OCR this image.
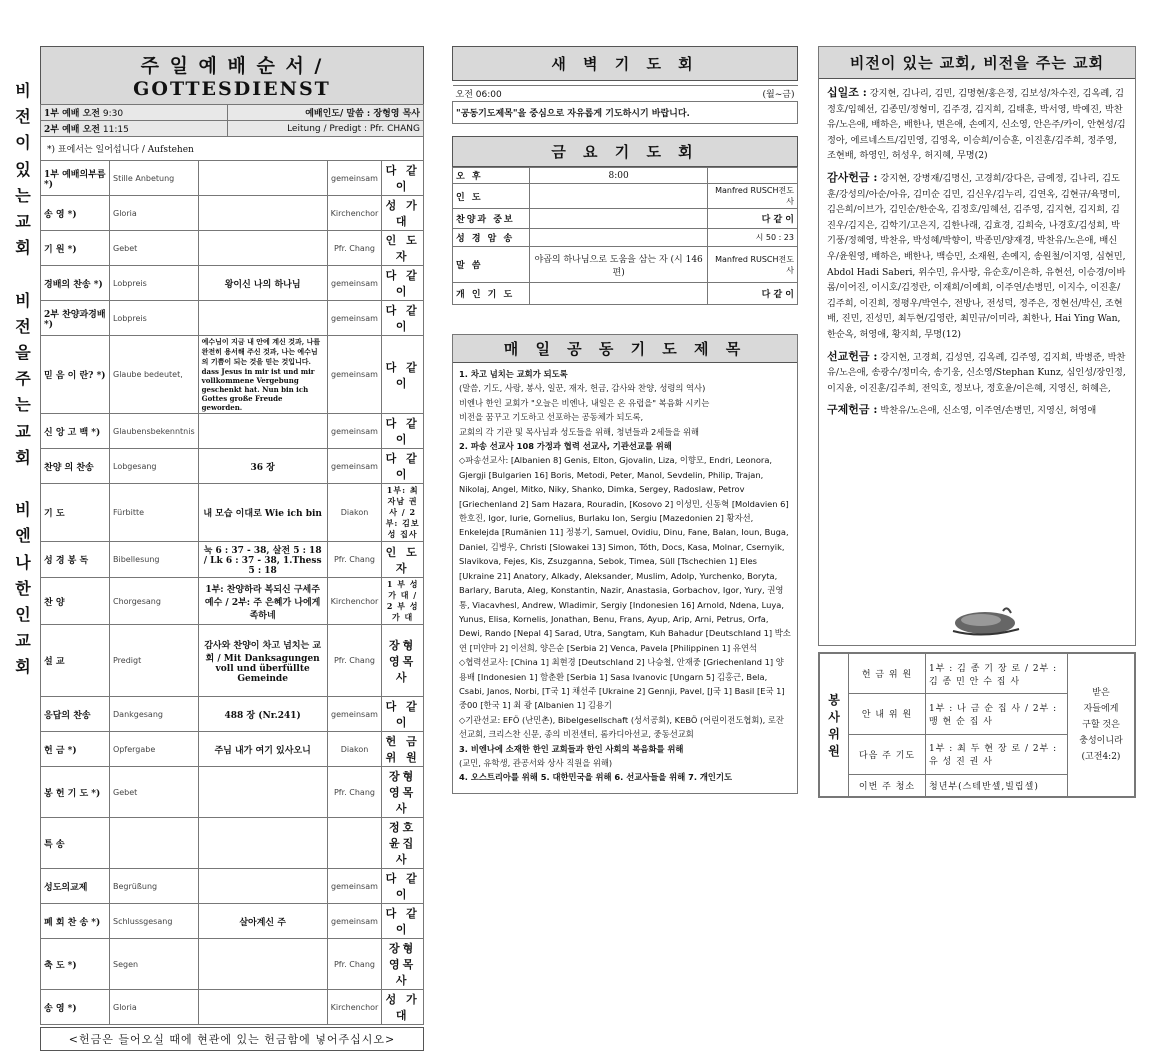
비
전
이
있
는
교
회

비
전
을
주
는
교
회

비
엔
나
한
인
교
회
주 일 예 배 순 서 / GOTTESDIENST
1부 예배 오전 9:30	예배인도/ 말씀 : 장형영 목사
2부 예배 오전 11:15	Leitung / Predigt : Pfr. CHANG
*) 표에서는 일어섭니다 / Aufstehen
1부 예배의부름*)	Stille Anbetung		gemeinsam	다 같 이
송 영 *)	Gloria		Kirchenchor	성 가 대
기 원 *)	Gebet		Pfr. Chang	인 도 자
경배의 찬송 *)	Lobpreis	왕이신 나의 하나님	gemeinsam	다 같 이
2부 찬양과경배*)	Lobpreis		gemeinsam	다 같 이
믿 음 이 란? *)	Glaube bedeutet,	예수님이 지금 내 안에 계신 것과, 나를 완전히 용서해 주신 것과, 나는 예수님의 기쁨이 되는 것을 믿는 것입니다. dass Jesus in mir ist und mir vollkommene Vergebung geschenkt hat. Nun bin ich Gottes große Freude geworden.	gemeinsam	다 같 이
신 앙 고 백 *)	Glaubensbekenntnis		gemeinsam	다 같 이
찬양 의 찬송	Lobgesang	36 장	gemeinsam	다 같 이
기 도	Fürbitte	내 모습 이대로 Wie ich bin	Diakon	1부: 최자남 권사 / 2부: 김보성 집사
성 경 봉 독	Bibellesung	눅 6 : 37 - 38, 살전 5 : 18 / Lk 6 : 37 - 38, 1.Thess 5 : 18	Pfr. Chang	인 도 자
찬 양	Chorgesang	1부: 찬양하라 복되신 구세주 예수 / 2부: 주 은혜가 나에게 족하네	Kirchenchor	1 부 성 가 대 / 2 부 성 가 대
설 교	Predigt	감사와 찬양이 차고 넘치는 교회 / Mit Danksagungen voll und überfüllte Gemeinde	Pfr. Chang	장형영목사
응답의 찬송	Dankgesang	488 장 (Nr.241)	gemeinsam	다 같 이
헌 금 *)	Opfergabe	주님 내가 여기 있사오니	Diakon	헌 금 위 원
봉 헌 기 도 *)	Gebet		Pfr. Chang	장형영목사
특 송				정호윤집사
성도의교제	Begrüßung		gemeinsam	다 같 이
폐 회 찬 송 *)	Schlussgesang	살아계신 주	gemeinsam	다 같 이
축 도 *)	Segen		Pfr. Chang	장형영목사
송 영 *)	Gloria		Kirchenchor	성 가 대
<헌금은 들어오실 때에 현관에 있는 헌금함에 넣어주십시오>
새 벽 기 도 회
오전 06:00	(월~금)
"공동기도제목"을 중심으로 자유롭게 기도하시기 바랍니다.
금 요 기 도 회
오 후	8:00	
인 도		Manfred RUSCH전도사
찬양과 중보		다 같 이
성 경 암 송		시 50 : 23
말 씀	야곱의 하나님으로 도움을 삼는 자 (시 146 편)	Manfred RUSCH전도사
개 인 기 도		다 같 이
매 일 공 동 기 도 제 목

1. 차고 넘치는 교회가 되도록

(말씀, 기도, 사랑, 봉사, 일꾼, 재자, 헌금, 감사와 찬양, 성령의 역사)

비엔나 한인 교회가 "오늘은 비엔나, 내일은 온 유럽을" 복음화 시키는

비전을 꿈꾸고 기도하고 선포하는 공동체가 되도록,

교회의 각 기관 및 목사님과 성도들을 위해, 청년들과 2세들을 위해

2. 파송 선교사 108 가정과 협력 선교사, 기관선교를 위해

◇파송선교사: [Albanien 8] Genis, Elton, Gjovalin, Liza, 이향모, Endri, Leonora, Gjergji [Bulgarien 16] Boris, Metodi, Peter, Manol, Sevdelin, Philip, Trajan, Nikolaj, Angel, Mitko, Niky, Shanko, Dimka, Sergey, Radoslaw, Petrov [Griechenland 2] Sam Hazara, Rouradin, [Kosovo 2] 이성민, 신동혁 [Moldavien 6] 한호진, Igor, Iurie, Gornelius, Burlaku Ion, Sergiu [Mazedonien 2] 황자선, Enkelejda [Rumänien 11] 정봉기, Samuel, Ovidiu, Dinu, Fane, Balan, Ioun, Buga, Daniel, 김병우, Christi [Slowakei 13] Simon, Tóth, Docs, Kasa, Molnar, Csernyik, Slavikova, Fejes, Kis, Zsuzganna, Sebok, Timea, Süll [Tschechien 1] Eles [Ukraine 21] Anatory, Alkady, Aleksander, Muslim, Adolp, Yurchenko, Boryta, Barlary, Baruta, Aleg, Konstantin, Nazir, Anastasia, Gorbachov, Igor, Yury, 권영통, Viacavhesl, Andrew, Wladimir, Sergiy [Indonesien 16] Arnold, Ndena, Luya, Yunus, Elisa, Kornelis, Jonathan, Benu, Frans, Ayup, Arip, Arni, Petrus, Orfa, Dewi, Rando [Nepal 4] Sarad, Utra, Sangtam, Kuh Bahadur [Deutschland 1] 박소연 [미얀마 2] 이선희, 양은순 [Serbia 2] Venca, Pavela [Philippinen 1] 유연석

◇협력선교사: [China 1] 최현경 [Deutschland 2] 나승철, 안재중 [Griechenland 1] 양용배 [Indonesien 1] 함춘환 [Serbia 1] Sasa Ivanovic [Ungarn 5] 김홍근, Bela, Csabi, Janos, Norbi, [T국 1] 채선주 [Ukraine 2] Gennji, Pavel, [J국 1] Basil [E국 1] 중00 [한국 1] 최 광 [Albanien 1] 김용기

◇기관선교: EFÖ (난민촌), Bibelgesellschaft (성서공회), KEBÖ (어린이전도협회), 로잔선교회, 크리스찬 신문, 종의 비전센터, 롬카디아선교, 중동선교회

3. 비엔나에 소재한 한인 교회들과 한인 사회의 복음화를 위해

(교민, 유학생, 관공서와 상사 직원을 위해)

4. 오스트리아를 위해 5. 대한민국을 위해 6. 선교사들을 위해 7. 개인기도

비전이 있는 교회, 비전을 주는 교회

십일조 : 강지현, 김나리, 김민, 김명현/홍은정, 김보성/차수진, 김옥례, 김정호/임혜선, 김종민/정형미, 김주경, 김지희, 김태훈, 박서영, 박예진, 박찬유/노은애, 배하은, 배한나, 변은애, 손예지, 신소영, 안은주/카이, 안현성/김정아, 에르네스트/김민영, 김영옥, 이승희/이승훈, 이진훈/김주희, 정주영, 조현배, 하영인, 허성우, 허지혜, 무명(2)

감사헌금 : 강지현, 강병재/김명신, 고경희/강다은, 금예정, 김나리, 김도훈/강성의/아순/아유, 김미순 김민, 김신우/김누리, 김연옥, 김현규/육명미, 김은희/이브가, 김인순/한순옥, 김정호/임혜선, 김주영, 김지현, 김지희, 김진우/김지은, 김학기/고은지, 김한나래, 김효경, 김희숙, 나경호/김성희, 박기풍/정혜영, 박찬유, 박성혜/박향이, 박종민/양재경, 박찬유/노은애, 배신우/윤원영, 배하은, 배한나, 백승민, 소재원, 손예지, 송원철/이지영, 심현민, Abdol Hadi Saberi, 위수민, 유사랑, 유순호/이은하, 유현선, 이승경/이바롬/이어진, 이시호/김정란, 이재희/이예희, 이주연/손병민, 이지수, 이진훈/김주희, 이진희, 정평우/박연수, 전방나, 전성덕, 정주은, 정현선/박신, 조현배, 진민, 진성민, 최두현/김영란, 최민규/이미라, 최한나, Hai Ying Wan, 한순옥, 허영애, 황지희, 무명(12)

선교헌금 : 강지현, 고경희, 김성연, 김옥례, 김주영, 김지희, 박병준, 박찬유/노은애, 송광수/정미숙, 송기웅, 신소영/Stephan Kunz, 심인성/장인정, 이지윤, 이진훈/김주희, 전익호, 정보나, 정호윤/이은혜, 지영신, 허혜은,

구제헌금 : 박찬유/노은애, 신소영, 이주연/손병민, 지영신, 허영애

봉 사 위 원	헌 금 위 원	1부 : 김 종 기 장 로 / 2부 : 김 종 민 안 수 집 사	받은
자들에게
구할 것은
충성이니라
(고전4:2)

	안 내 위 원	1부 : 나 금 순 집 사 / 2부 : 맹 현 순 집 사	
	다음 주 기도	1부 : 최 두 현 장 로 / 2부 : 유 성 진 권 사	
	이번 주 청소	청년부(스테반셀,빌립셀)	
